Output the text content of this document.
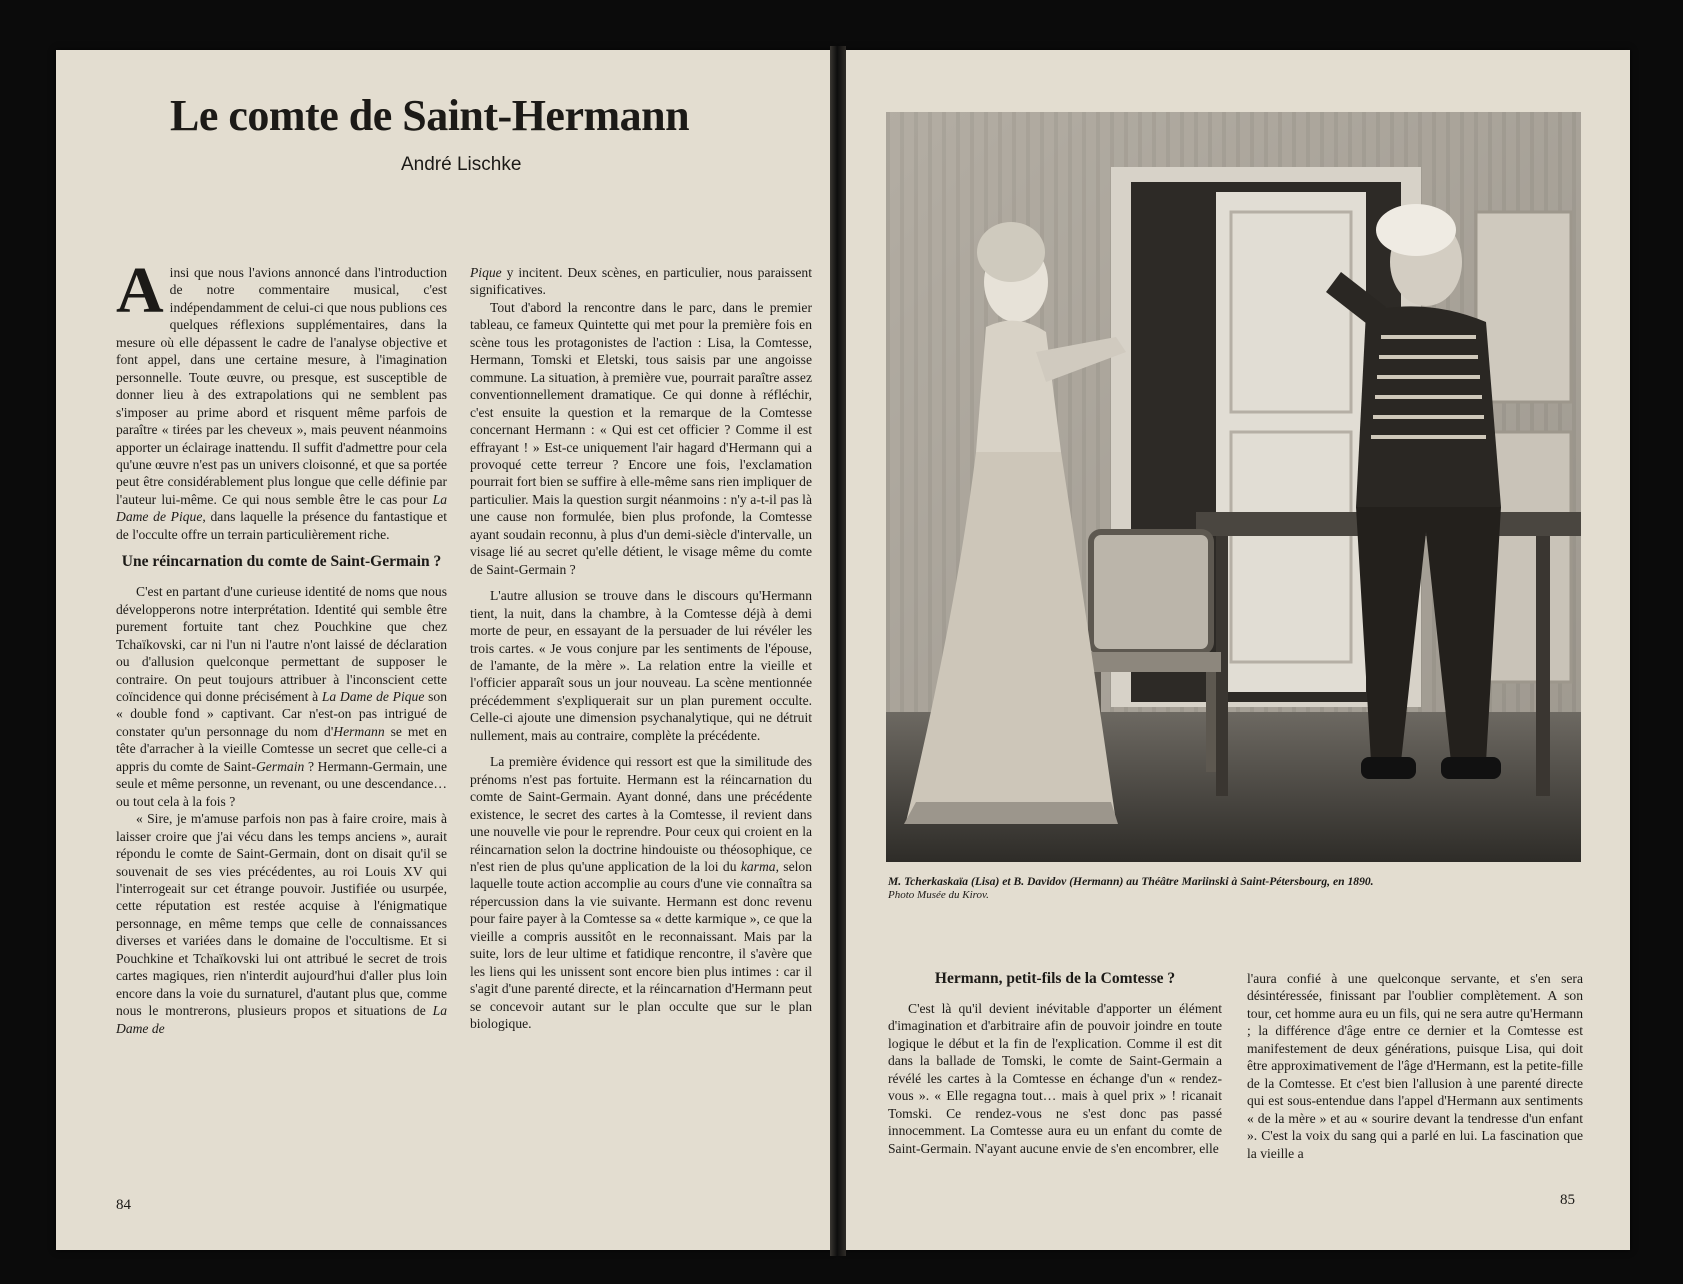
Le comte de Saint-Hermann
André Lischke

Ainsi que nous l'avions annoncé dans l'introduction de notre commentaire musical, c'est indépendamment de celui-ci que nous publions ces quelques réflexions supplémentaires, dans la mesure où elle dépassent le cadre de l'analyse objective et font appel, dans une certaine mesure, à l'imagination personnelle. Toute œuvre, ou presque, est susceptible de donner lieu à des extrapolations qui ne semblent pas s'imposer au prime abord et risquent même parfois de paraître « tirées par les cheveux », mais peuvent néanmoins apporter un éclairage inattendu. Il suffit d'admettre pour cela qu'une œuvre n'est pas un univers cloisonné, et que sa portée peut être considérablement plus longue que celle définie par l'auteur lui-même. Ce qui nous semble être le cas pour La Dame de Pique, dans laquelle la présence du fantastique et de l'occulte offre un terrain particulièrement riche.

Une réincarnation du comte de Saint-Germain ?

C'est en partant d'une curieuse identité de noms que nous développerons notre interprétation. Identité qui semble être purement fortuite tant chez Pouchkine que chez Tchaïkovski, car ni l'un ni l'autre n'ont laissé de déclaration ou d'allusion quelconque permettant de supposer le contraire. On peut toujours attribuer à l'inconscient cette coïncidence qui donne précisément à La Dame de Pique son « double fond » captivant. Car n'est-on pas intrigué de constater qu'un personnage du nom d'Hermann se met en tête d'arracher à la vieille Comtesse un secret que celle-ci a appris du comte de Saint-Germain ? Hermann-Germain, une seule et même personne, un revenant, ou une descendance… ou tout cela à la fois ?

« Sire, je m'amuse parfois non pas à faire croire, mais à laisser croire que j'ai vécu dans les temps anciens », aurait répondu le comte de Saint-Germain, dont on disait qu'il se souvenait de ses vies précédentes, au roi Louis XV qui l'interrogeait sur cet étrange pouvoir. Justifiée ou usurpée, cette réputation est restée acquise à l'énigmatique personnage, en même temps que celle de connaissances diverses et variées dans le domaine de l'occultisme. Et si Pouchkine et Tchaïkovski lui ont attribué le secret de trois cartes magiques, rien n'interdit aujourd'hui d'aller plus loin encore dans la voie du surnaturel, d'autant plus que, comme nous le montrerons, plusieurs propos et situations de La Dame de

Pique y incitent. Deux scènes, en particulier, nous paraissent significatives.

Tout d'abord la rencontre dans le parc, dans le premier tableau, ce fameux Quintette qui met pour la première fois en scène tous les protagonistes de l'action : Lisa, la Comtesse, Hermann, Tomski et Eletski, tous saisis par une angoisse commune. La situation, à première vue, pourrait paraître assez conventionnellement dramatique. Ce qui donne à réfléchir, c'est ensuite la question et la remarque de la Comtesse concernant Hermann : « Qui est cet officier ? Comme il est effrayant ! » Est-ce uniquement l'air hagard d'Hermann qui a provoqué cette terreur ? Encore une fois, l'exclamation pourrait fort bien se suffire à elle-même sans rien impliquer de particulier. Mais la question surgit néanmoins : n'y a-t-il pas là une cause non formulée, bien plus profonde, la Comtesse ayant soudain reconnu, à plus d'un demi-siècle d'intervalle, un visage lié au secret qu'elle détient, le visage même du comte de Saint-Germain ?

L'autre allusion se trouve dans le discours qu'Hermann tient, la nuit, dans la chambre, à la Comtesse déjà à demi morte de peur, en essayant de la persuader de lui révéler les trois cartes. « Je vous conjure par les sentiments de l'épouse, de l'amante, de la mère ». La relation entre la vieille et l'officier apparaît sous un jour nouveau. La scène mentionnée précédemment s'expliquerait sur un plan purement occulte. Celle-ci ajoute une dimension psychanalytique, qui ne détruit nullement, mais au contraire, complète la précédente.

La première évidence qui ressort est que la similitude des prénoms n'est pas fortuite. Hermann est la réincarnation du comte de Saint-Germain. Ayant donné, dans une précédente existence, le secret des cartes à la Comtesse, il revient dans une nouvelle vie pour le reprendre. Pour ceux qui croient en la réincarnation selon la doctrine hindouiste ou théosophique, ce n'est rien de plus qu'une application de la loi du karma, selon laquelle toute action accomplie au cours d'une vie connaîtra sa répercussion dans la vie suivante. Hermann est donc revenu pour faire payer à la Comtesse sa « dette karmique », ce que la vieille a compris aussitôt en le reconnaissant. Mais par la suite, lors de leur ultime et fatidique rencontre, il s'avère que les liens qui les unissent sont encore bien plus intimes : car il s'agit d'une parenté directe, et la réincarnation d'Hermann peut se concevoir autant sur le plan occulte que sur le plan biologique.

84
M. Tcherkaskaïa (Lisa) et B. Davidov (Hermann) au Théâtre Mariinski à Saint-Pétersbourg, en 1890.
Photo Musée du Kirov.
Hermann, petit-fils de la Comtesse ?

C'est là qu'il devient inévitable d'apporter un élément d'imagination et d'arbitraire afin de pouvoir joindre en toute logique le début et la fin de l'explication. Comme il est dit dans la ballade de Tomski, le comte de Saint-Germain a révélé les cartes à la Comtesse en échange d'un « rendez-vous ». « Elle regagna tout… mais à quel prix » ! ricanait Tomski. Ce rendez-vous ne s'est donc pas passé innocemment. La Comtesse aura eu un enfant du comte de Saint-Germain. N'ayant aucune envie de s'en encombrer, elle

l'aura confié à une quelconque servante, et s'en sera désintéressée, finissant par l'oublier complètement. A son tour, cet homme aura eu un fils, qui ne sera autre qu'Hermann ; la différence d'âge entre ce dernier et la Comtesse est manifestement de deux générations, puisque Lisa, qui doit être approximativement de l'âge d'Hermann, est la petite-fille de la Comtesse. Et c'est bien l'allusion à une parenté directe qui est sous-entendue dans l'appel d'Hermann aux sentiments « de la mère » et au « sourire devant la tendresse d'un enfant ». C'est la voix du sang qui a parlé en lui. La fascination que la vieille a

85
